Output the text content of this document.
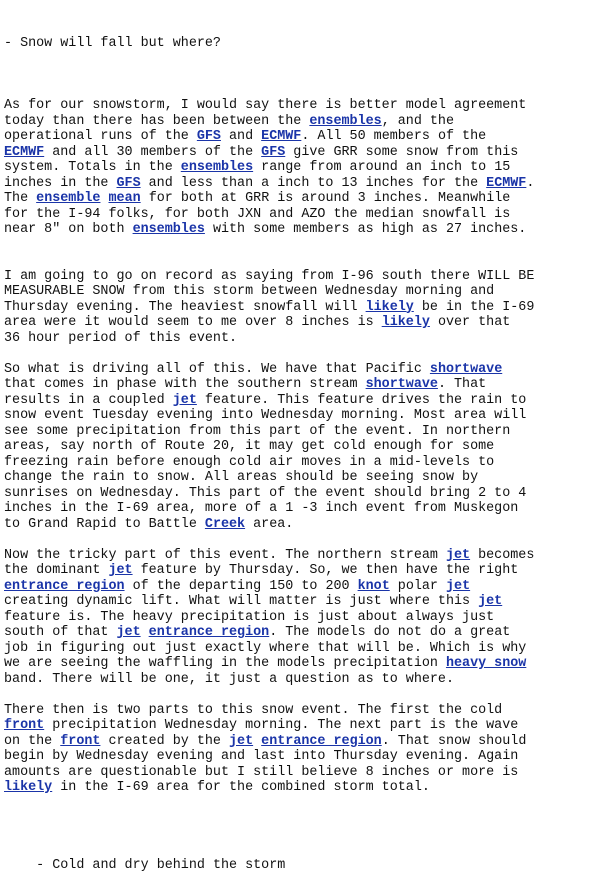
- Snow will fall but where?

As for our snowstorm, I would say there is better model agreement
today than there has been between the ensembles, and the
operational runs of the GFS and ECMWF. All 50 members of the
ECMWF and all 30 members of the GFS give GRR some snow from this
system. Totals in the ensembles range from around an inch to 15
inches in the GFS and less than a inch to 13 inches for the ECMWF.
The ensemble mean for both at GRR is around 3 inches. Meanwhile
for the I-94 folks, for both JXN and AZO the median snowfall is
near 8" on both ensembles with some members as high as 27 inches.
I am going to go on record as saying from I-96 south there WILL BE
MEASURABLE SNOW from this storm between Wednesday morning and
Thursday evening. The heaviest snowfall will likely be in the I-69
area were it would seem to me over 8 inches is likely over that
36 hour period of this event.
So what is driving all of this. We have that Pacific shortwave
that comes in phase with the southern stream shortwave. That
results in a coupled jet feature. This feature drives the rain to
snow event Tuesday evening into Wednesday morning. Most area will
see some precipitation from this part of the event. In northern
areas, say north of Route 20, it may get cold enough for some
freezing rain before enough cold air moves in a mid-levels to
change the rain to snow. All areas should be seeing snow by
sunrises on Wednesday. This part of the event should bring 2 to 4
inches in the I-69 area, more of a 1 -3 inch event from Muskegon
to Grand Rapid to Battle Creek area.
Now the tricky part of this event. The northern stream jet becomes
the dominant jet feature by Thursday. So, we then have the right
entrance region of the departing 150 to 200 knot polar jet
creating dynamic lift. What will matter is just where this jet
feature is. The heavy precipitation is just about always just
south of that jet entrance region. The models do not do a great
job in figuring out just exactly where that will be. Which is why
we are seeing the waffling in the models precipitation heavy snow
band. There will be one, it just a question as to where.
There then is two parts to this snow event. The first the cold
front precipitation Wednesday morning. The next part is the wave
on the front created by the jet entrance region. That snow should
begin by Wednesday evening and last into Thursday evening. Again
amounts are questionable but I still believe 8 inches or more is
likely in the I-69 area for the combined storm total.

- Cold and dry behind the storm
